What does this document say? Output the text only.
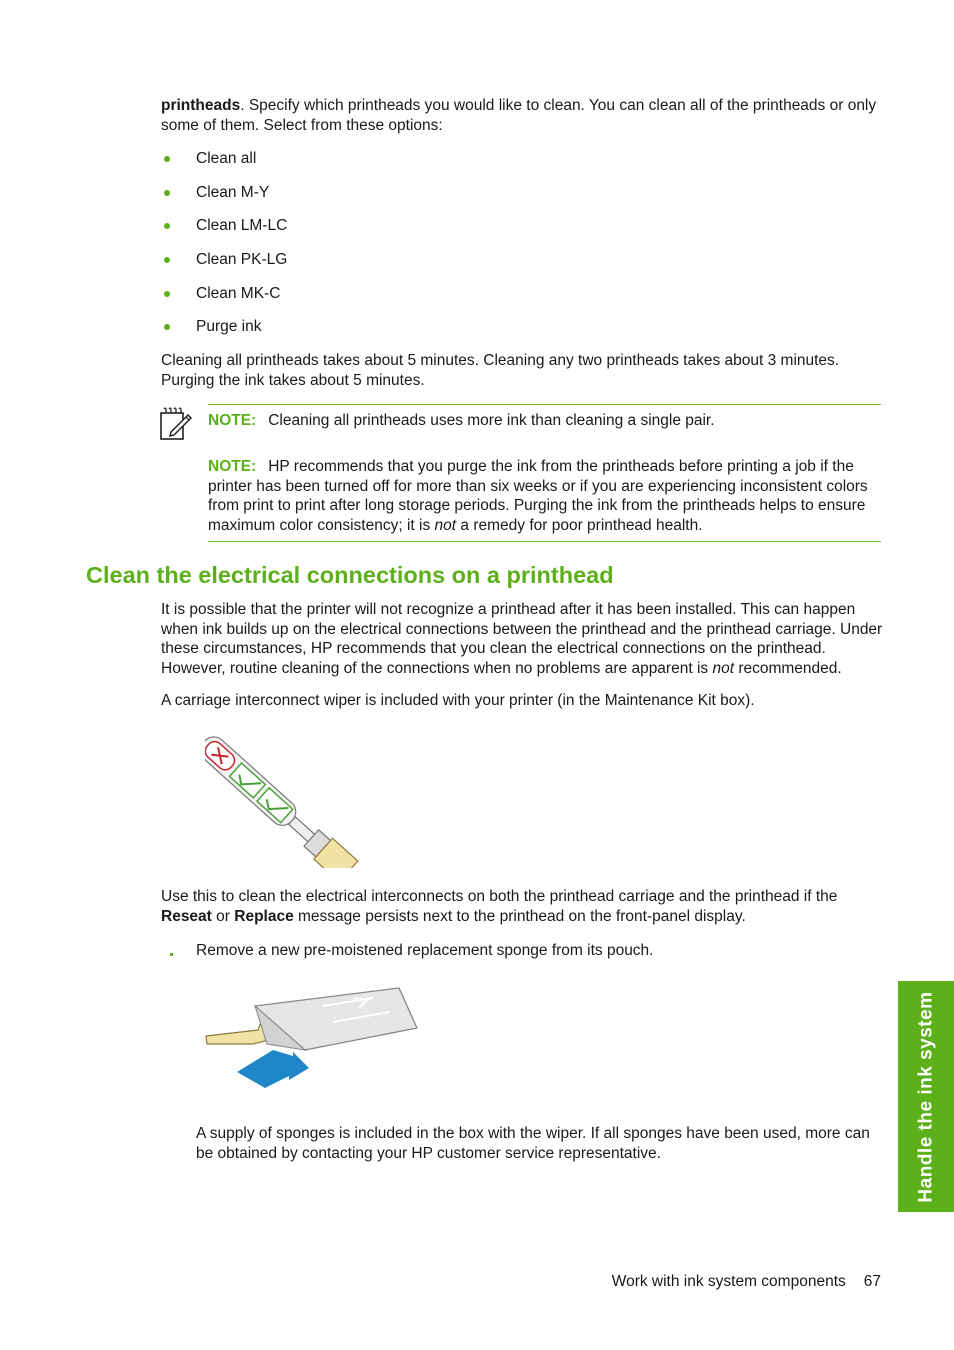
printheads. Specify which printheads you would like to clean. You can clean all of the printheads or only some of them. Select from these options:
Clean all
Clean M-Y
Clean LM-LC
Clean PK-LG
Clean MK-C
Purge ink
Cleaning all printheads takes about 5 minutes. Cleaning any two printheads takes about 3 minutes. Purging the ink takes about 5 minutes.
NOTE: Cleaning all printheads uses more ink than cleaning a single pair.
NOTE: HP recommends that you purge the ink from the printheads before printing a job if the printer has been turned off for more than six weeks or if you are experiencing inconsistent colors from print to print after long storage periods. Purging the ink from the printheads helps to ensure maximum color consistency; it is not a remedy for poor printhead health.
Clean the electrical connections on a printhead
It is possible that the printer will not recognize a printhead after it has been installed. This can happen when ink builds up on the electrical connections between the printhead and the printhead carriage. Under these circumstances, HP recommends that you clean the electrical connections on the printhead. However, routine cleaning of the connections when no problems are apparent is not recommended.
A carriage interconnect wiper is included with your printer (in the Maintenance Kit box).
Use this to clean the electrical interconnects on both the printhead carriage and the printhead if the Reseat or Replace message persists next to the printhead on the front-panel display.
Remove a new pre-moistened replacement sponge from its pouch.
A supply of sponges is included in the box with the wiper. If all sponges have been used, more can be obtained by contacting your HP customer service representative.	Handle the ink system
Work with ink system components 67
